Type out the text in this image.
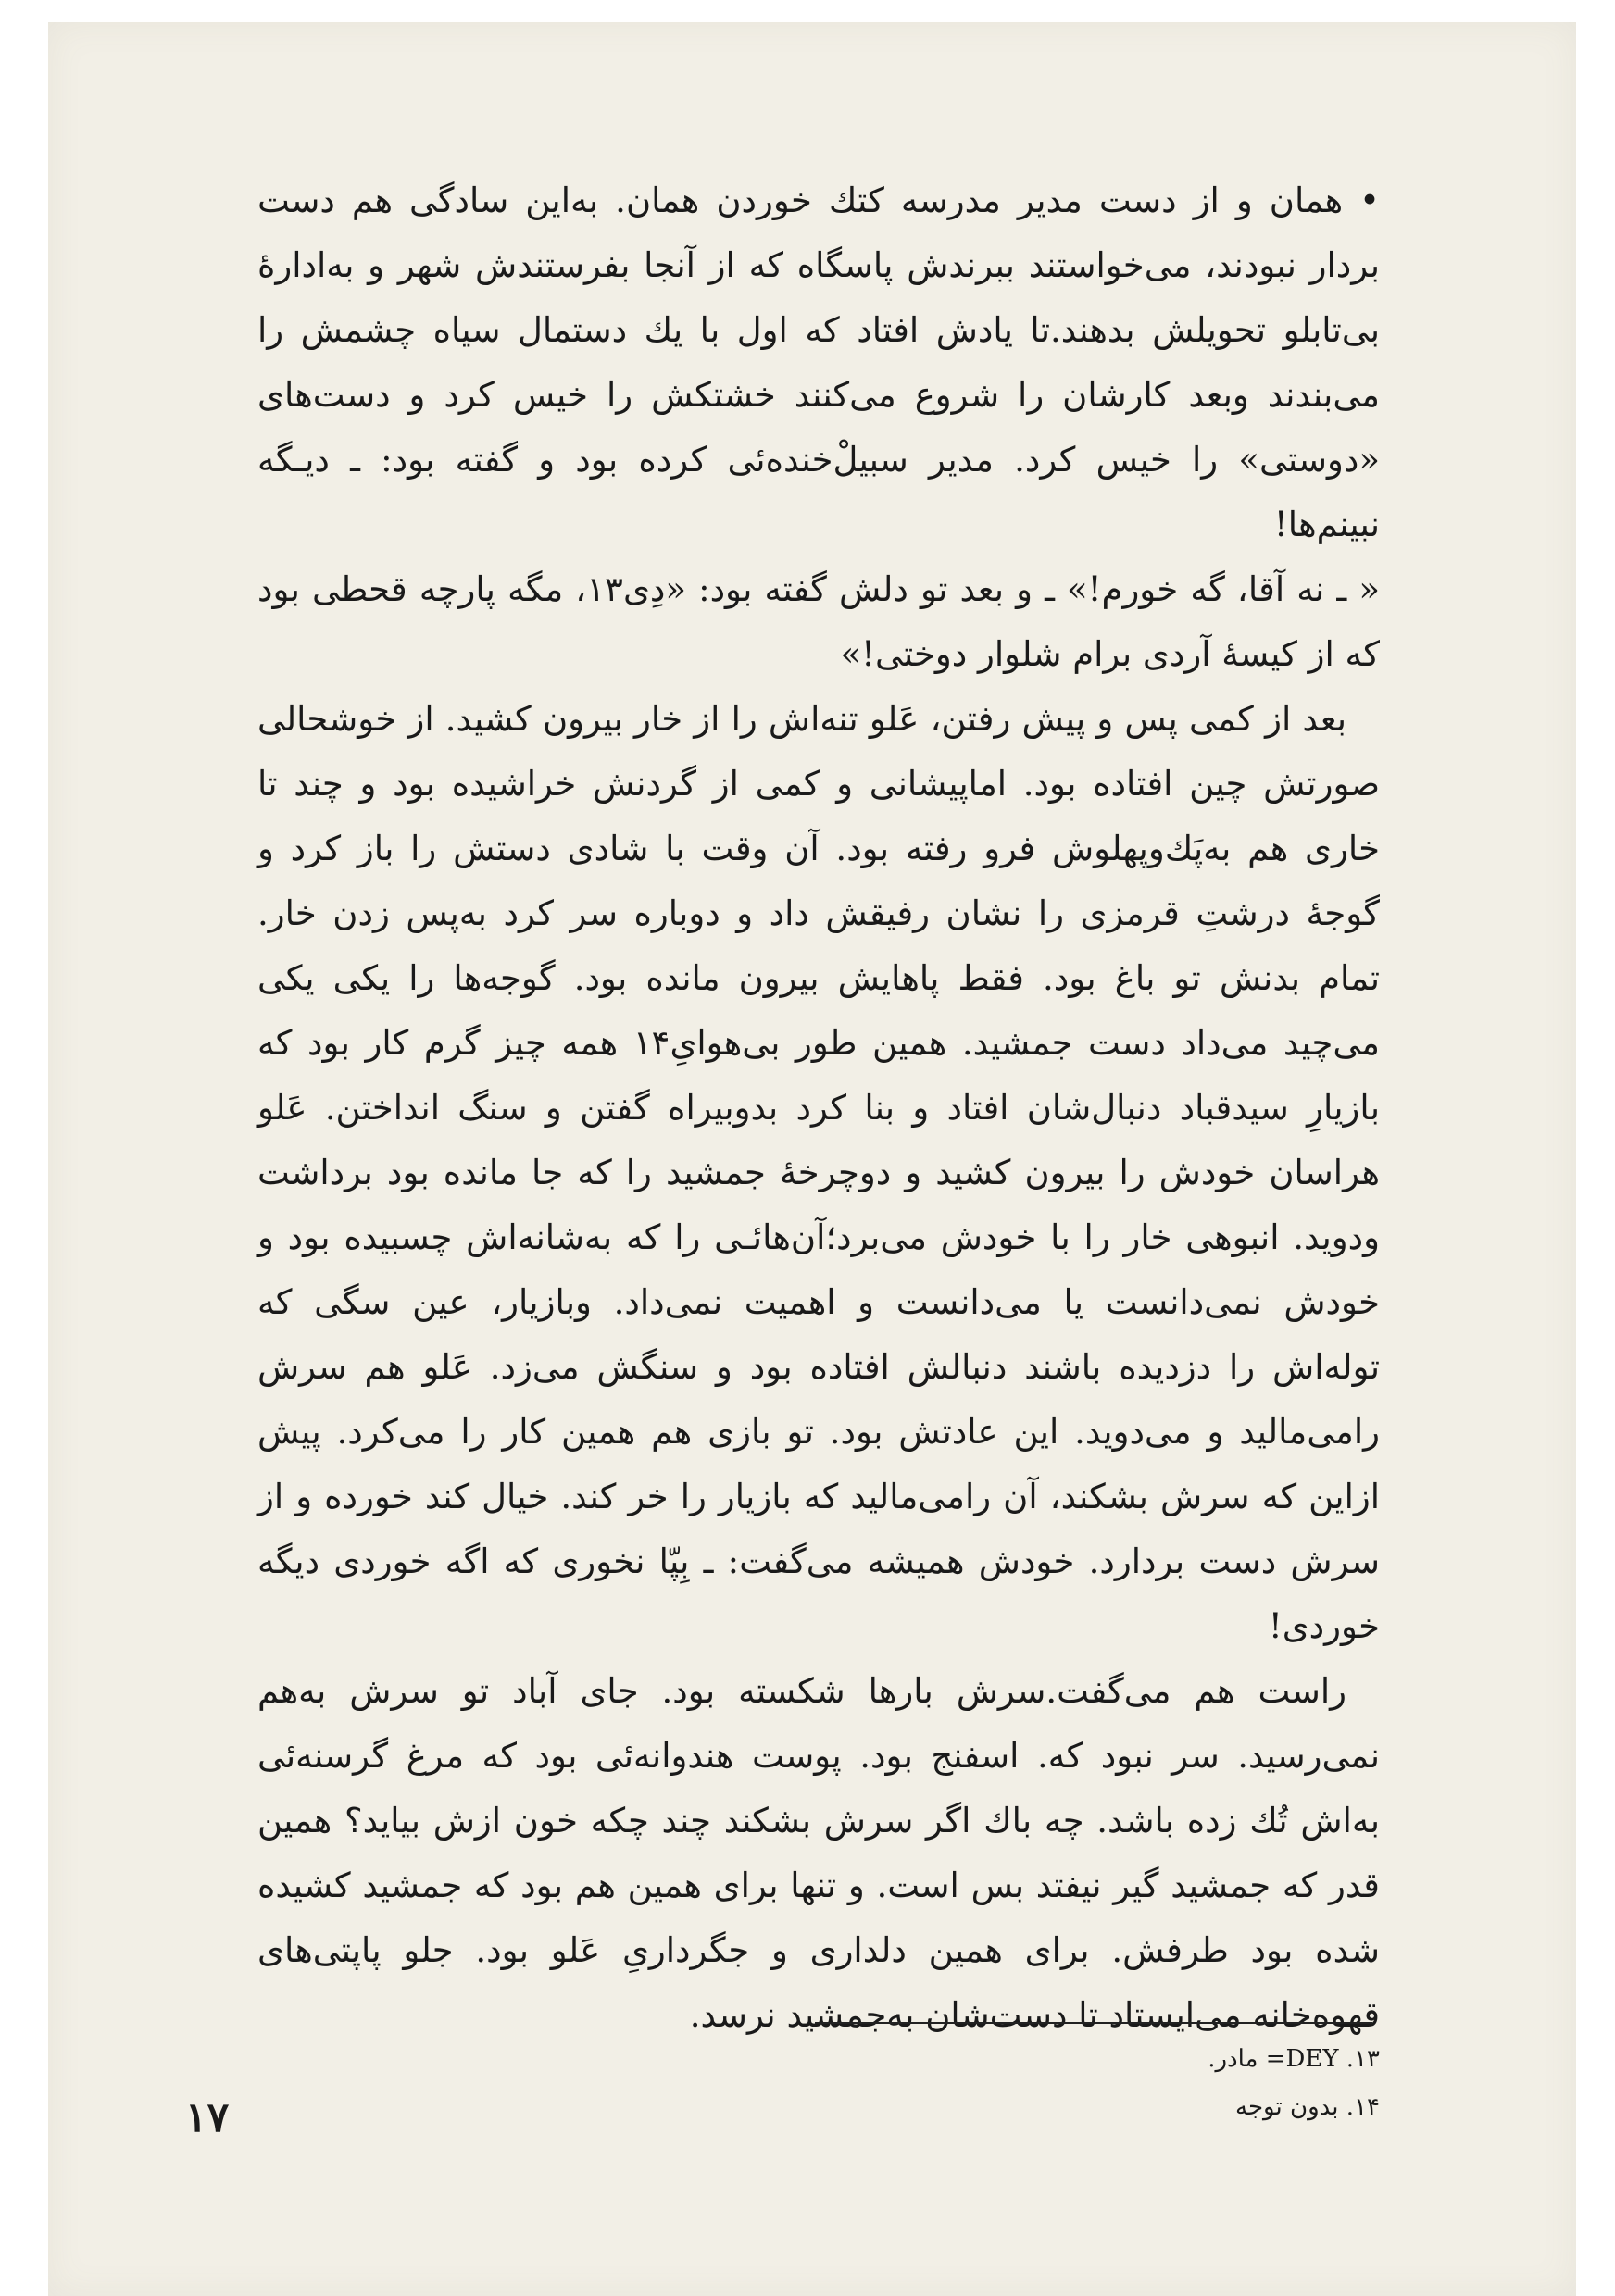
• همان و از دست مدیر مدرسه کتك خوردن همان. به‌این سادگی هم دست بردار نبودند، می‌خواستند ببرندش پاسگاه که از آنجا بفرستندش شهر و به‌ادارۀ بی‌تابلو تحویلش بدهند.تا یادش افتاد که اول با یك دستمال سیاه چشمش را می‌بندند وبعد کارشان را شروع می‌کنند خشتکش را خیس کرد و دست‌های «دوستی» را خیس کرد. مدیر سبیلْ‌خنده‌ئی کرده بود و گفته بود: ـ دیـگه نبینم‌ها!

« ـ نه آقا، گه خورم!» ـ و بعد تو دلش گفته بود: «دِی۱۳، مگه پارچه قحطی بود که از کیسۀ آردی برام شلوار دوختی!»

بعد از کمی پس و پیش رفتن، عَلو تنه‌اش را از خار بیرون کشید. از خوشحالی صورتش چین افتاده بود. اماپیشانی و کمی از گردنش خراشیده بود و چند تا خاری هم به‌پَك‌وپهلوش فرو رفته بود. آن وقت با شادی دستش را باز کرد و گوجۀ درشتِ قرمزی را نشان رفیقش داد و دوباره سر کرد به‌پس زدن خار. تمام بدنش تو باغ بود. فقط پاهایش بیرون مانده بود. گوجه‌ها را یکی یکی می‌چید می‌داد دست جمشید. همین طور بی‌هوایِ۱۴ همه چیز گرم کار بود که بازیارِ سیدقباد دنبال‌شان افتاد و بنا کرد بدوبیراه گفتن و سنگ انداختن. عَلو هراسان خودش را بیرون کشید و دوچرخۀ جمشید را که جا مانده بود برداشت ودوید. انبوهی خار را با خودش می‌برد؛آن‌هائـی را که به‌شانه‌اش چسبیده بود و خودش نمی‌دانست یا می‌دانست و اهمیت نمی‌داد. وبازیار، عین سگی که توله‌اش را دزدیده باشند دنبالش افتاده بود و سنگش می‌زد. عَلو هم سرش رامی‌مالید و می‌دوید. این عادتش بود. تو بازی هم همین کار را می‌کرد. پیش ازاین که سرش بشکند، آن رامی‌مالید که بازیار را خر کند. خیال کند خورده و از سرش دست بردارد. خودش همیشه می‌گفت: ـ بِپّا نخوری که اگه خوردی دیگه خوردی!

راست هم می‌گفت.سرش بارها شکسته بود. جای آباد تو سرش به‌هم نمی‌رسید. سر نبود که. اسفنج بود. پوست هندوانه‌ئی بود که مرغ گرسنه‌ئی به‌اش تُك زده باشد. چه باك اگر سرش بشکند چند چکه خون ازش بیاید؟ همین قدر که جمشید گیر نیفتد بس است. و تنها برای همین هم بود که جمشید کشیده شده بود طرفش. برای همین دلداری و جگرداریِ عَلو بود. جلو پاپتی‌های قهوه‌خانه می‌ایستاد تا دست‌شان به‌جمشید نرسد.

۱۳. DEY= مادر.
۱۴. بدون توجه
۱۷
